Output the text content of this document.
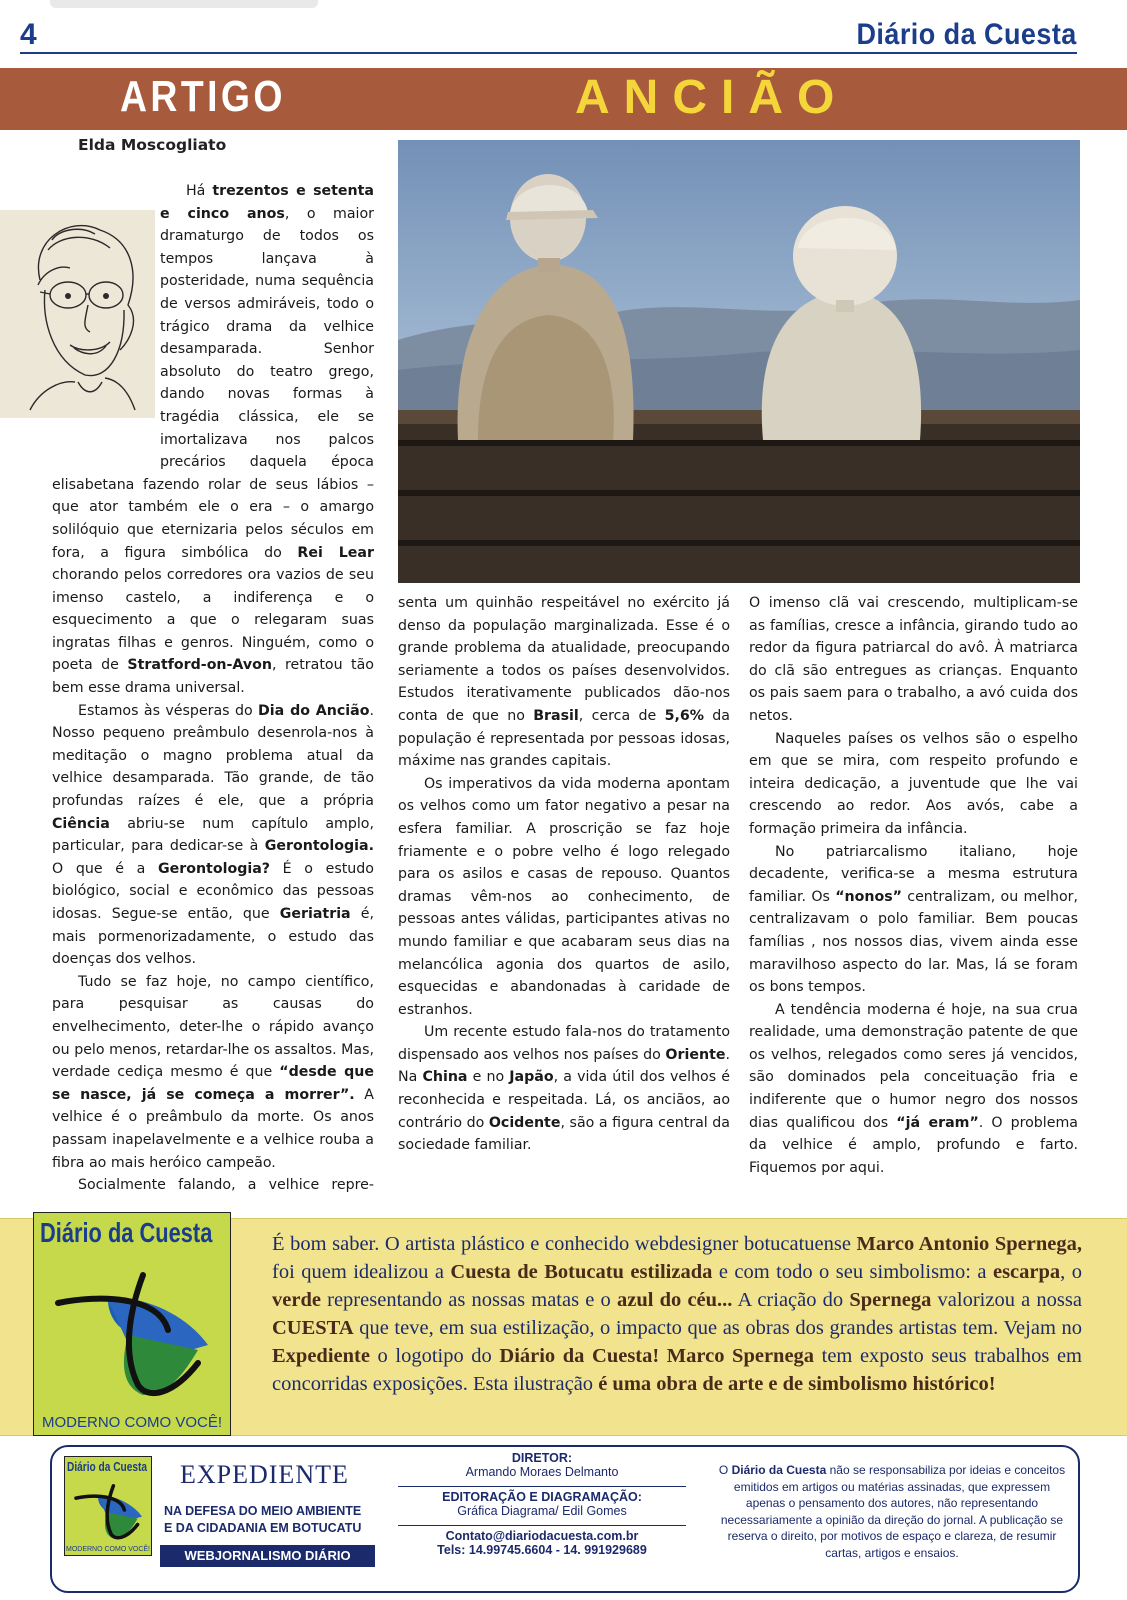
4	Diário da Cuesta
ARTIGO	ANCIÃO
Elda Moscogliato

Há trezentos e setenta e cinco anos, o maior dramaturgo de todos os tempos lançava à posteridade, numa sequência de versos admiráveis, todo o trágico drama da velhice desamparada. Senhor absoluto do teatro grego, dando novas formas à tragédia clássica, ele se imortalizava nos palcos precários daquela época elisabetana fazendo rolar de seus lábios – que ator também ele o era – o amargo solilóquio que eternizaria pelos séculos em fora, a figura simbólica do Rei Lear chorando pelos corredores ora vazios de seu imenso castelo, a indiferença e o esquecimento a que o relegaram suas ingratas filhas e genros. Ninguém, como o poeta de Stratford-on-Avon, retratou tão bem esse drama universal.

Estamos às vésperas do Dia do Ancião. Nosso pequeno preâmbulo desenrola-nos à meditação o magno problema atual da velhice desamparada. Tão grande, de tão profundas raízes é ele, que a própria Ciência abriu-se num capítulo amplo, particular, para dedicar-se à Gerontologia. O que é a Gerontologia? É o estudo biológico, social e econômico das pessoas idosas. Segue-se então, que Geriatria é, mais pormenorizadamente, o estudo das doenças dos velhos.

Tudo se faz hoje, no campo científico, para pesquisar as causas do envelhecimento, deter-lhe o rápido avanço ou pelo menos, retardar-lhe os assaltos. Mas, verdade cediça mesmo é que “desde que se nasce, já se começa a morrer”. A velhice é o preâmbulo da morte. Os anos passam inapelavelmente e a velhice rouba a fibra ao mais heróico campeão.

Socialmente falando, a velhice repre-

senta um quinhão respeitável no exército já denso da população marginalizada. Esse é o grande problema da atualidade, preocupando seriamente a todos os países desenvolvidos. Estudos iterativamente publicados dão-nos conta de que no Brasil, cerca de 5,6% da população é representada por pessoas idosas, máxime nas grandes capitais.

Os imperativos da vida moderna apontam os velhos como um fator negativo a pesar na esfera familiar. A proscrição se faz hoje friamente e o pobre velho é logo relegado para os asilos e casas de repouso. Quantos dramas vêm-nos ao conhecimento, de pessoas antes válidas, participantes ativas no mundo familiar e que acabaram seus dias na melancólica agonia dos quartos de asilo, esquecidas e abandonadas à caridade de estranhos.

Um recente estudo fala-nos do tratamento dispensado aos velhos nos países do Oriente. Na China e no Japão, a vida útil dos velhos é reconhecida e respeitada. Lá, os anciãos, ao contrário do Ocidente, são a figura central da sociedade familiar.

O imenso clã vai crescendo, multiplicam-se as famílias, cresce a infância, girando tudo ao redor da figura patriarcal do avô. À matriarca do clã são entregues as crianças. Enquanto os pais saem para o trabalho, a avó cuida dos netos.

Naqueles países os velhos são o espelho em que se mira, com respeito profundo e inteira dedicação, a juventude que lhe vai crescendo ao redor. Aos avós, cabe a formação primeira da infância.

No patriarcalismo italiano, hoje decadente, verifica-se a mesma estrutura familiar. Os “nonos” centralizam, ou melhor, centralizavam o polo familiar. Bem poucas famílias , nos nossos dias, vivem ainda esse maravilhoso aspecto do lar. Mas, lá se foram os bons tempos.

A tendência moderna é hoje, na sua crua realidade, uma demonstração patente de que os velhos, relegados como seres já vencidos, são dominados pela conceituação fria e indiferente que o humor negro dos nossos dias qualificou dos “já eram”. O problema da velhice é amplo, profundo e farto. Fiquemos por aqui.

Diário da Cuesta
MODERNO COMO VOCÊ!
É bom saber. O artista plástico e conhecido webdesigner botucatuense Marco Antonio Spernega, foi quem idealizou a Cuesta de Botucatu estilizada e com todo o seu simbolismo: a escarpa, o verde representando as nossas matas e o azul do céu... A criação do Spernega valorizou a nossa CUESTA que teve, em sua estilização, o impacto que as obras dos grandes artistas tem. Vejam no Expediente o logotipo do Diário da Cuesta! Marco Spernega tem exposto seus trabalhos em concorridas exposições. Esta ilustração é uma obra de arte e de simbolismo histórico!
Diário da Cuesta
MODERNO COMO VOCÊ!
EXPEDIENTE
NA DEFESA DO MEIO AMBIENTE
E DA CIDADANIA EM BOTUCATU
WEBJORNALISMO DIÁRIO
DIRETOR:
Armando Moraes Delmanto
EDITORAÇÃO E DIAGRAMAÇÃO:
Gráfica Diagrama/ Edil Gomes
Contato@diariodacuesta.com.br
Tels: 14.99745.6604 - 14. 991929689
O Diário da Cuesta não se responsabiliza por ideias e conceitos emitidos em artigos ou matérias assinadas, que expressem apenas o pensamento dos autores, não representando necessariamente a opinião da direção do jornal. A publicação se reserva o direito, por motivos de espaço e clareza, de resumir cartas, artigos e ensaios.
